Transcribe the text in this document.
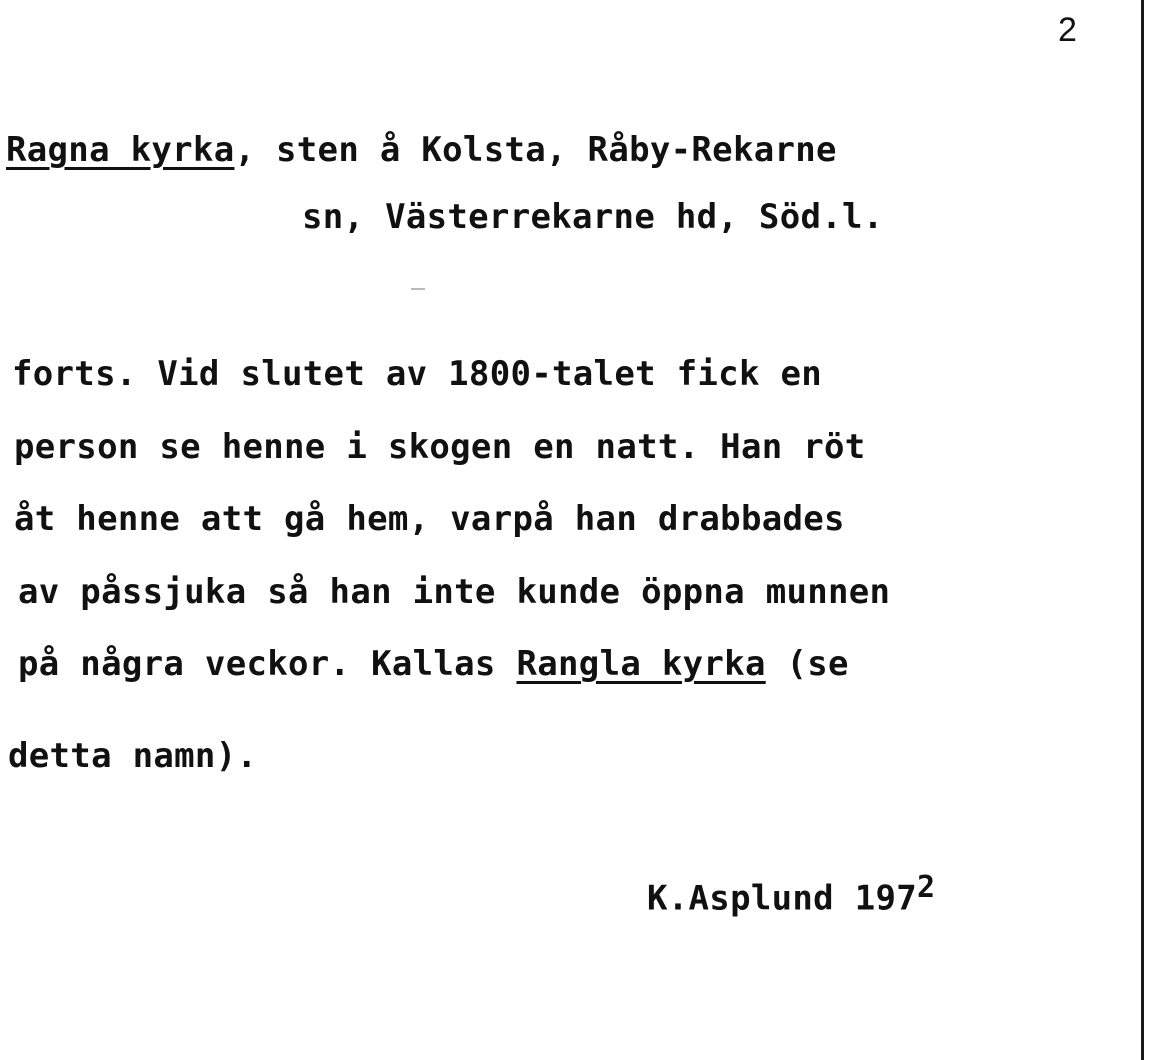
2
Ragna kyrka, sten å Kolsta, Råby-Rekarne
sn, Västerrekarne hd, Söd.l.
forts. Vid slutet av 1800-talet fick en
person se henne i skogen en natt. Han röt
åt henne att gå hem, varpå han drabbades
av påssjuka så han inte kunde öppna munnen
på några veckor. Kallas Rangla kyrka (se
detta namn).
K.Asplund $197^2$
